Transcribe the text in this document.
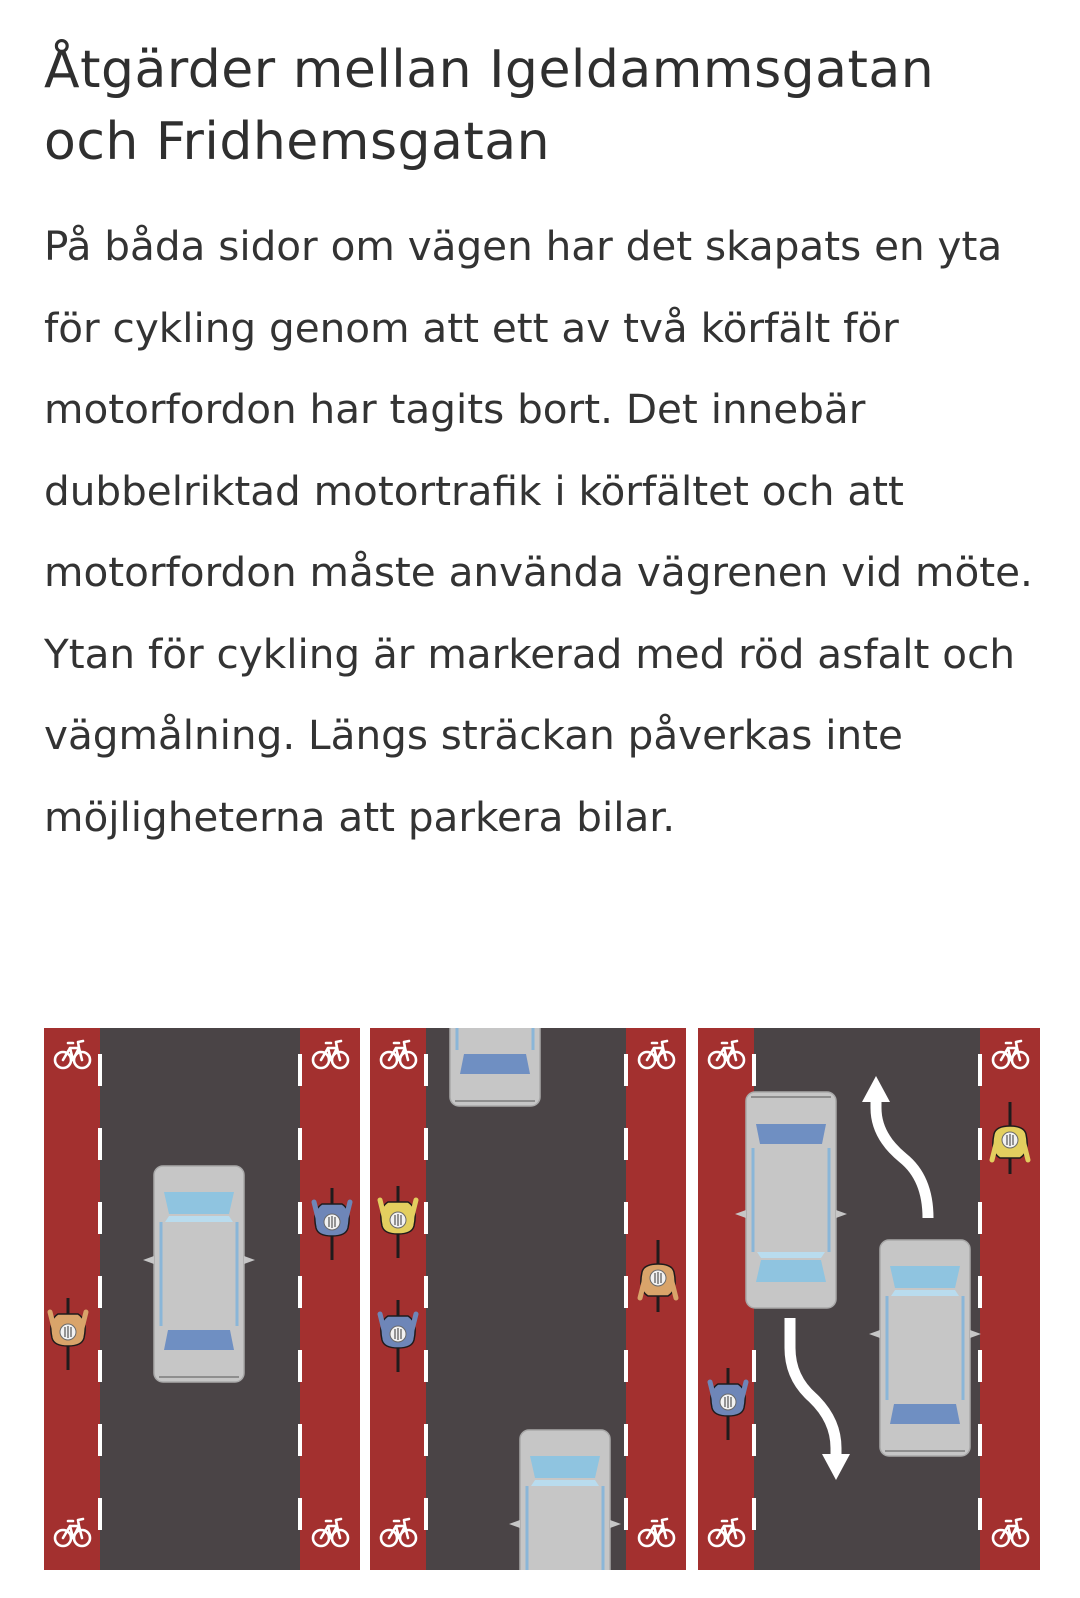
Åtgärder mellan Igeldammsgatan och Fridhemsgatan

På båda sidor om vägen har det skapats en yta för cykling genom att ett av två körfält för motorfordon har tagits bort. Det innebär dubbelriktad motortrafik i körfältet och att motorfordon måste använda vägrenen vid möte. Ytan för cykling är markerad med röd asfalt och vägmålning. Längs sträckan påverkas inte möjligheterna att parkera bilar.
